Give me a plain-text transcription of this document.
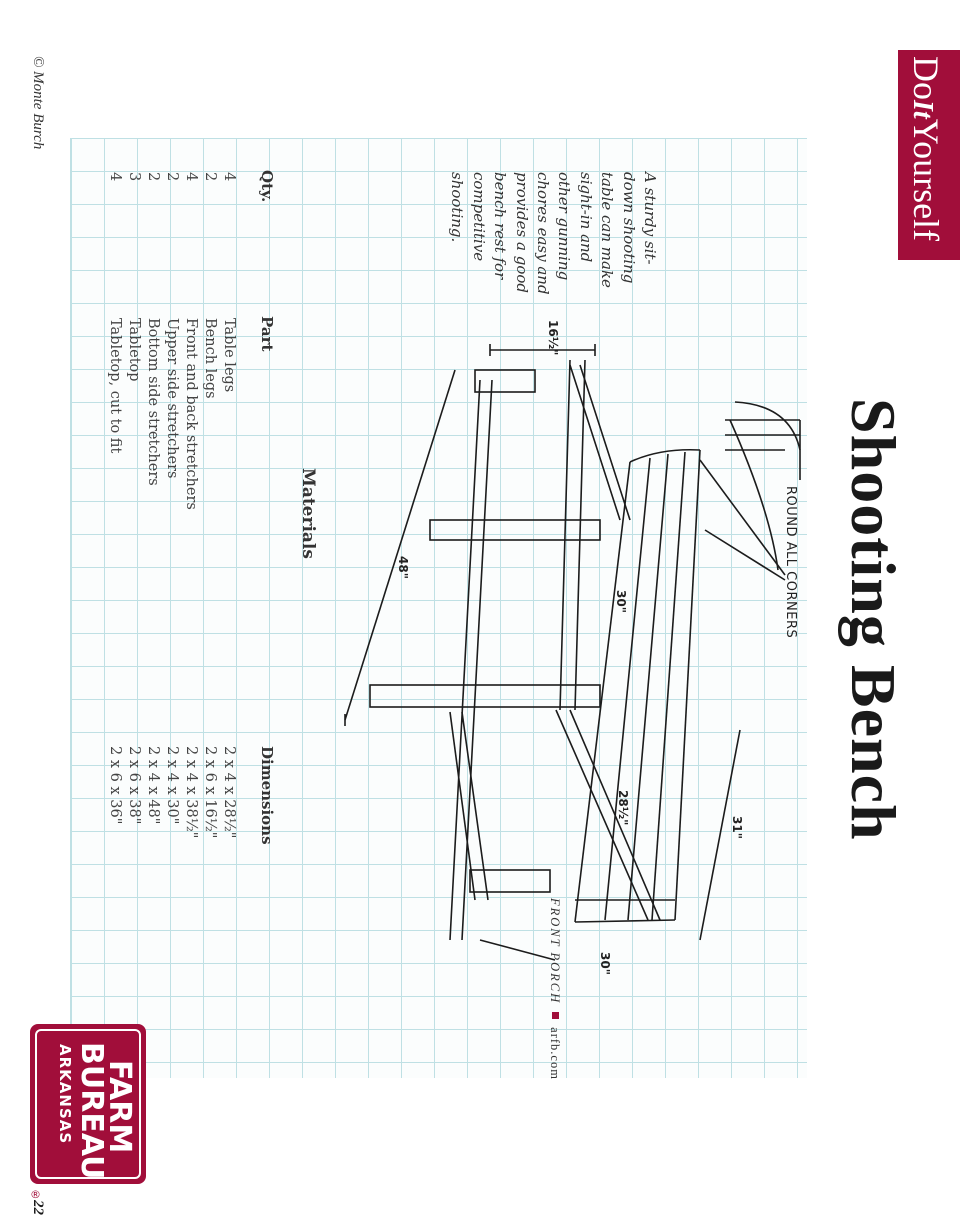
© Monte Burch	DoItYourself
Shooting Bench
ROUND ALL CORNERS
16½"
48"
30"
28½"
31"
30"
A sturdy sit-
down shooting
table can make
sight-in and
other gunning
chores easy and
provides a good
bench rest for
competitive
shooting.
Materials
Qty.
Part
Dimensions
4
2
4
2
2
3
4
Table legs
Bench legs
Front and back stretchers
Upper side stretchers
Bottom side stretchers
Tabletop
Tabletop, cut to fit
2 x 4 x 28½"
2 x 6 x 16½"
2 x 4 x 38½"
2 x 4 x 30"
2 x 4 x 48"
2 x 6 x 38"
2 x 6 x 36"
FARM
BUREAU
ARKANSAS
®
22
FRONT PORCHarfb.com
